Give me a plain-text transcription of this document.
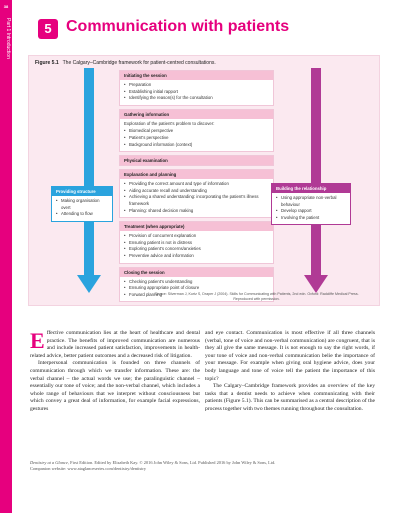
38
Part 1 Introduction	5 Communication with patients
Figure 5.1 The Calgary–Cambridge framework for patient-centred consultations.
Initiating the session
• Preparation
• Establishing initial rapport
• Identifying the reason(s) for the consultation
Gathering information
Exploration of the patient's problem to discover:
• Biomedical perspective
• Patient's perspective
• Background information (context)
Physical examination
Explanation and planning
• Providing the correct amount and type of information
• Aiding accurate recall and understanding
• Achieving a shared understanding: incorporating the patient's illness framework
• Planning: shared decision making
Treatment (when appropriate)
• Provision of concurrent explanation
• Ensuring patient is not in distress
• Exploring patient's concerns/anxieties
• Preventive advice and information
Closing the session
• Checking patient's understanding
• Ensuring appropriate point of closure
• Forward planning
Providing structure
• Making organisation overt
• Attending to flow
Building the relationship
• Using appropriate non-verbal behaviour
• Develop rapport
• Involving the patient
Source: Silverman J, Kurtz S, Draper J (2004). Skills for Communicating with Patients, 2nd edn. Oxford: Radcliffe Medical Press. Reproduced with permission.

Effective communication lies at the heart of healthcare and dental practice. The benefits of improved communication are numerous and include increased patient satisfaction, improvements in health-related advice, better patient outcomes and a decreased risk of litigation.

Interpersonal communication is founded on three channels of communication through which we transfer information. These are: the verbal channel – the actual words we use; the paralinguistic channel – essentially our tone of voice; and the non-verbal channel, which includes a whole range of behaviours that we interpret without consciousness but which convey a great deal of information, for example facial expressions, gestures

and eye contact. Communication is most effective if all three channels (verbal, tone of voice and non-verbal communication) are congruent, that is they all give the same message. It is not enough to say the right words, if your tone of voice and non-verbal communication belie the importance of your message. For example when giving oral hygiene advice, does your body language and tone of voice tell the patient the importance of this topic?

The Calgary–Cambridge framework provides an overview of the key tasks that a dentist needs to achieve when communicating with their patients (Figure 5.1). This can be summarised as a central description of the process together with two themes running throughout the consultation.

Dentistry at a Glance, First Edition. Edited by Elizabeth Kay. © 2016 John Wiley & Sons, Ltd. Published 2016 by John Wiley & Sons, Ltd.
Companion website: www.ataglanceseries.com/dentistry/dentistry
